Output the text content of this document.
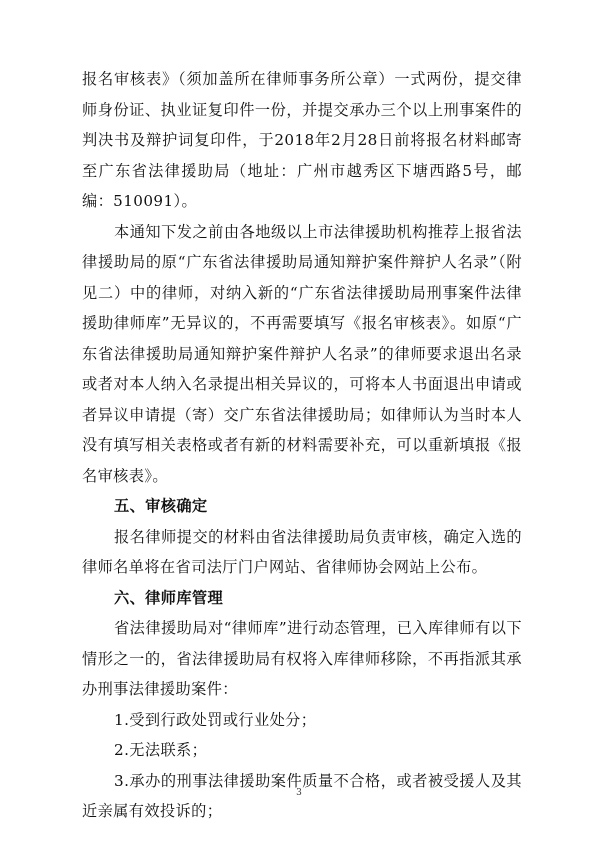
报名审核表》（须加盖所在律师事务所公章）一式两份，提交律师身份证、执业证复印件一份，并提交承办三个以上刑事案件的判决书及辩护词复印件，于2018年2月28日前将报名材料邮寄至广东省法律援助局（地址：广州市越秀区下塘西路5号，邮编：510091）。

本通知下发之前由各地级以上市法律援助机构推荐上报省法律援助局的原“广东省法律援助局通知辩护案件辩护人名录”（附见二）中的律师，对纳入新的“广东省法律援助局刑事案件法律援助律师库”无异议的，不再需要填写《报名审核表》。如原“广东省法律援助局通知辩护案件辩护人名录”的律师要求退出名录或者对本人纳入名录提出相关异议的，可将本人书面退出申请或者异议申请提（寄）交广东省法律援助局；如律师认为当时本人没有填写相关表格或者有新的材料需要补充，可以重新填报《报名审核表》。

五、审核确定

报名律师提交的材料由省法律援助局负责审核，确定入选的律师名单将在省司法厅门户网站、省律师协会网站上公布。

六、律师库管理

省法律援助局对“律师库”进行动态管理，已入库律师有以下情形之一的，省法律援助局有权将入库律师移除，不再指派其承办刑事法律援助案件：

1.受到行政处罚或行业处分；

2.无法联系；

3.承办的刑事法律援助案件质量不合格，或者被受援人及其近亲属有效投诉的；

3
